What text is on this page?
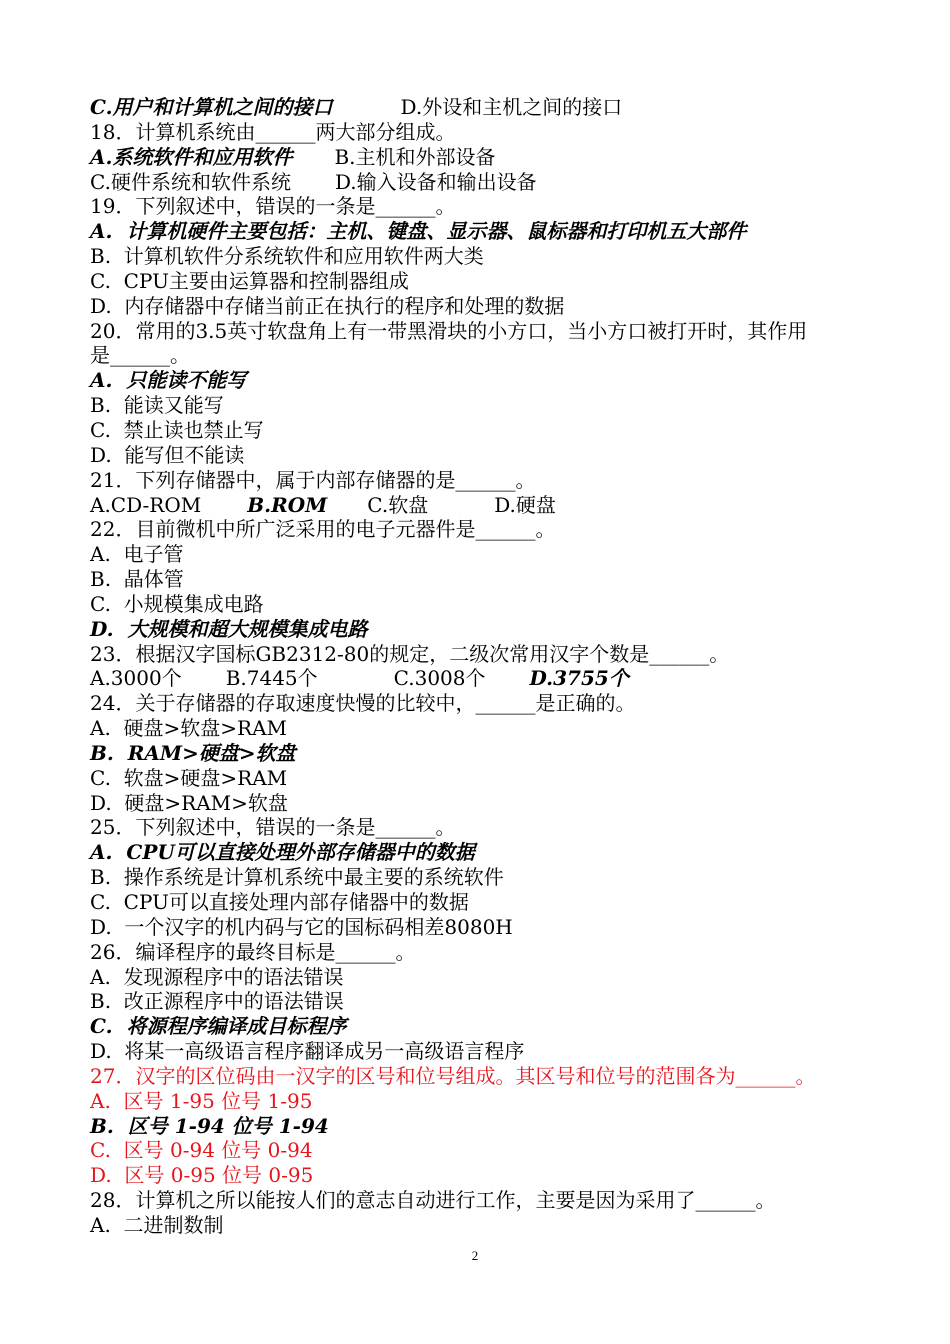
C.用户和计算机之间的接口	D.外设和主机之间的接口
18．计算机系统由______两大部分组成。
A.系统软件和应用软件 B.主机和外部设备
C.硬件系统和软件系统 D.输入设备和输出设备
19．下列叙述中，错误的一条是______。
A.  计算机硬件主要包括：主机、键盘、显示器、鼠标器和打印机五大部件
B.  计算机软件分系统软件和应用软件两大类
C.  CPU主要由运算器和控制器组成
D.  内存储器中存储当前正在执行的程序和处理的数据
20．常用的3.5英寸软盘角上有一带黑滑块的小方口，当小方口被打开时，其作用
是______。
A.  只能读不能写
B.  能读又能写
C.  禁止读也禁止写
D.  能写但不能读
21．下列存储器中，属于内部存储器的是______。
A.CD-ROM B.ROM C.软盘	D.硬盘
22．目前微机中所广泛采用的电子元器件是______。
A.  电子管
B.  晶体管
C.  小规模集成电路
D.  大规模和超大规模集成电路
23．根据汉字国标GB2312-80的规定，二级次常用汉字个数是______。
A.3000个 B.7445个	C.3008个 D.3755个
24．关于存储器的存取速度快慢的比较中，______是正确的。
A.  硬盘>软盘>RAM
B.  RAM>硬盘>软盘
C.  软盘>硬盘>RAM
D.  硬盘>RAM>软盘
25．下列叙述中，错误的一条是______。
A.  CPU可以直接处理外部存储器中的数据
B.  操作系统是计算机系统中最主要的系统软件
C.  CPU可以直接处理内部存储器中的数据
D.  一个汉字的机内码与它的国标码相差8080H
26．编译程序的最终目标是______。
A.  发现源程序中的语法错误
B.  改正源程序中的语法错误
C.  将源程序编译成目标程序
D.  将某一高级语言程序翻译成另一高级语言程序
27．汉字的区位码由一汉字的区号和位号组成。其区号和位号的范围各为______。
A.  区号 1-95 位号 1-95
B.  区号 1-94 位号 1-94
C.  区号 0-94 位号 0-94
D.  区号 0-95 位号 0-95
28．计算机之所以能按人们的意志自动进行工作，主要是因为采用了______。
A.  二进制数制
2
